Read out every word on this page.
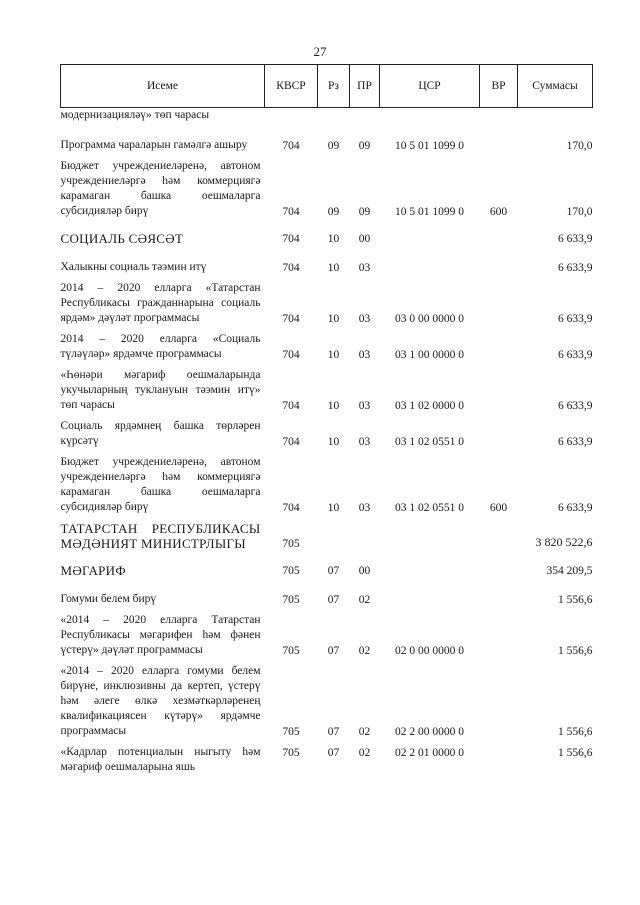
27
Исеме	КВСР	Рз	ПР	ЦСР	ВР	Суммасы
модернизацияләү» төп чарасы						

Программа чараларын гамәлгә ашыру	704	09	09	10 5 01 1099 0		170,0

Бюджет учреждениеләренә, автоном учреждениеләргә һәм коммерциягә карамаган башка оешмаларга субсидияләр бирү	704	09	09	10 5 01 1099 0	600	170,0

СОЦИАЛЬ СӘЯСӘТ	704	10	00			6 633,9

Халыкны социаль тәэмин итү	704	10	03			6 633,9

2014 – 2020 елларга «Татарстан Республикасы гражданнарына социаль ярдәм» дәүләт программасы	704	10	03	03 0 00 0000 0		6 633,9

2014 – 2020 елларга «Социаль түләүләр» ярдәмче программасы	704	10	03	03 1 00 0000 0		6 633,9

«Һөнәри мәгариф оешмаларында укучыларның туклануын тәэмин итү» төп чарасы	704	10	03	03 1 02 0000 0		6 633,9

Социаль ярдәмнең башка төрләрен күрсәтү	704	10	03	03 1 02 0551 0		6 633,9

Бюджет учреждениеләренә, автоном учреждениеләргә һәм коммерциягә карамаган башка оешмаларга субсидияләр бирү	704	10	03	03 1 02 0551 0	600	6 633,9

ТАТАРСТАН РЕСПУБЛИКАСЫ МӘДӘНИЯТ МИНИСТРЛЫГЫ	705					3 820 522,6

МӘГАРИФ	705	07	00			354 209,5

Гомуми белем бирү	705	07	02			1 556,6

«2014 – 2020 елларга Татарстан Республикасы мәгарифен һәм фәнен үстерү» дәүләт программасы	705	07	02	02 0 00 0000 0		1 556,6

«2014 – 2020 елларга гомуми белем бирүне, инклюзивны да кертеп, үстерү һәм әлеге өлкә хезмәткәрләренең квалификациясен күтәрү» ярдәмче программасы	705	07	02	02 2 00 0000 0		1 556,6

«Кадрлар потенциалын ныгыту һәм мәгариф оешмаларына яшь	705	07	02	02 2 01 0000 0		1 556,6
